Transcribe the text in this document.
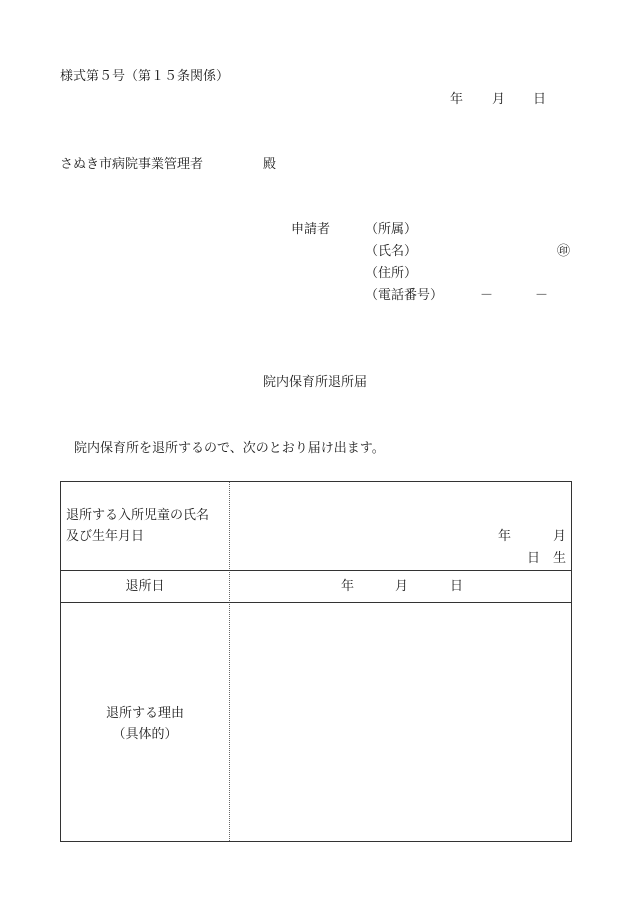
様式第５号（第１５条関係）
年 月 日
さぬき市病院事業管理者	殿
申請者	（所属）
（氏名）	㊞
（住所）
（電話番号）	－	－
院内保育所退所届
院内保育所を退所するので、次のとおり届け出ます。
退所する入所児童の氏名
及び生年月日	年	月
日 生
退所日	年	月	日
退所する理由
（具体的）
